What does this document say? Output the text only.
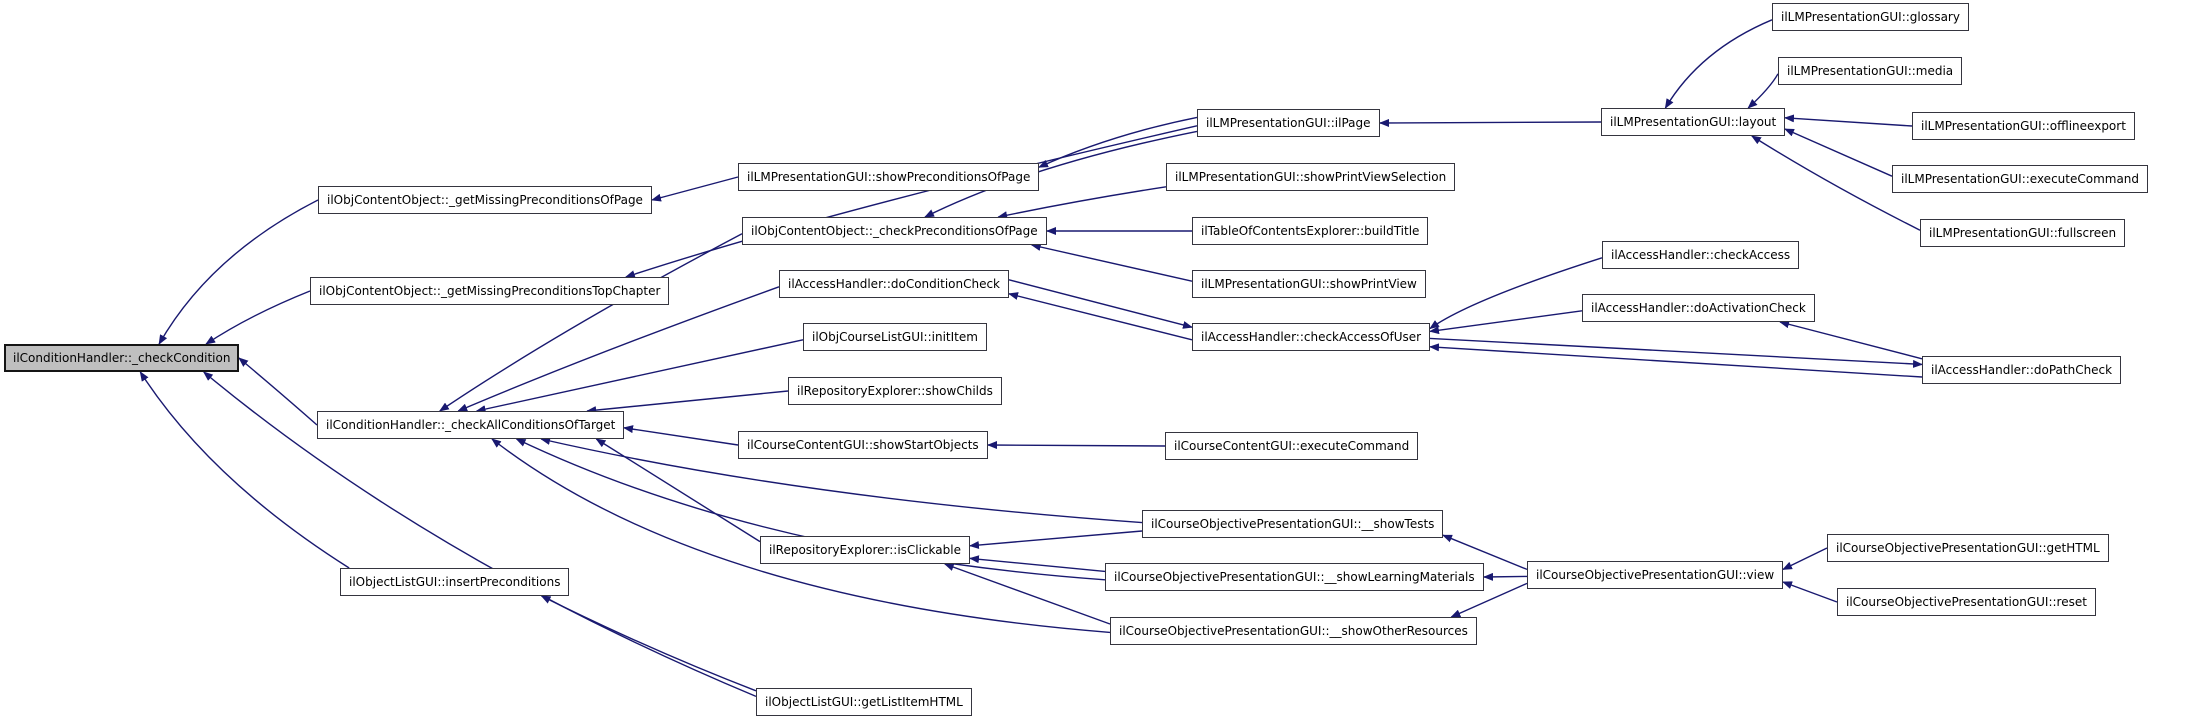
ilConditionHandler::_checkCondition
ilObjContentObject::_getMissingPreconditionsOfPage
ilObjContentObject::_getMissingPreconditionsTopChapter
ilConditionHandler::_checkAllConditionsOfTarget
ilObjectListGUI::insertPreconditions
ilObjectListGUI::getListItemHTML
ilLMPresentationGUI::showPreconditionsOfPage
ilObjContentObject::_checkPreconditionsOfPage
ilAccessHandler::doConditionCheck
ilObjCourseListGUI::initItem
ilRepositoryExplorer::showChilds
ilCourseContentGUI::showStartObjects
ilRepositoryExplorer::isClickable
ilLMPresentationGUI::ilPage
ilLMPresentationGUI::showPrintViewSelection
ilTableOfContentsExplorer::buildTitle
ilLMPresentationGUI::showPrintView
ilAccessHandler::checkAccessOfUser
ilCourseContentGUI::executeCommand
ilCourseObjectivePresentationGUI::__showTests
ilCourseObjectivePresentationGUI::__showLearningMaterials
ilCourseObjectivePresentationGUI::__showOtherResources
ilCourseObjectivePresentationGUI::view
ilCourseObjectivePresentationGUI::getHTML
ilCourseObjectivePresentationGUI::reset
ilAccessHandler::checkAccess
ilAccessHandler::doActivationCheck
ilAccessHandler::doPathCheck
ilLMPresentationGUI::layout
ilLMPresentationGUI::glossary
ilLMPresentationGUI::media
ilLMPresentationGUI::offlineexport
ilLMPresentationGUI::executeCommand
ilLMPresentationGUI::fullscreen
